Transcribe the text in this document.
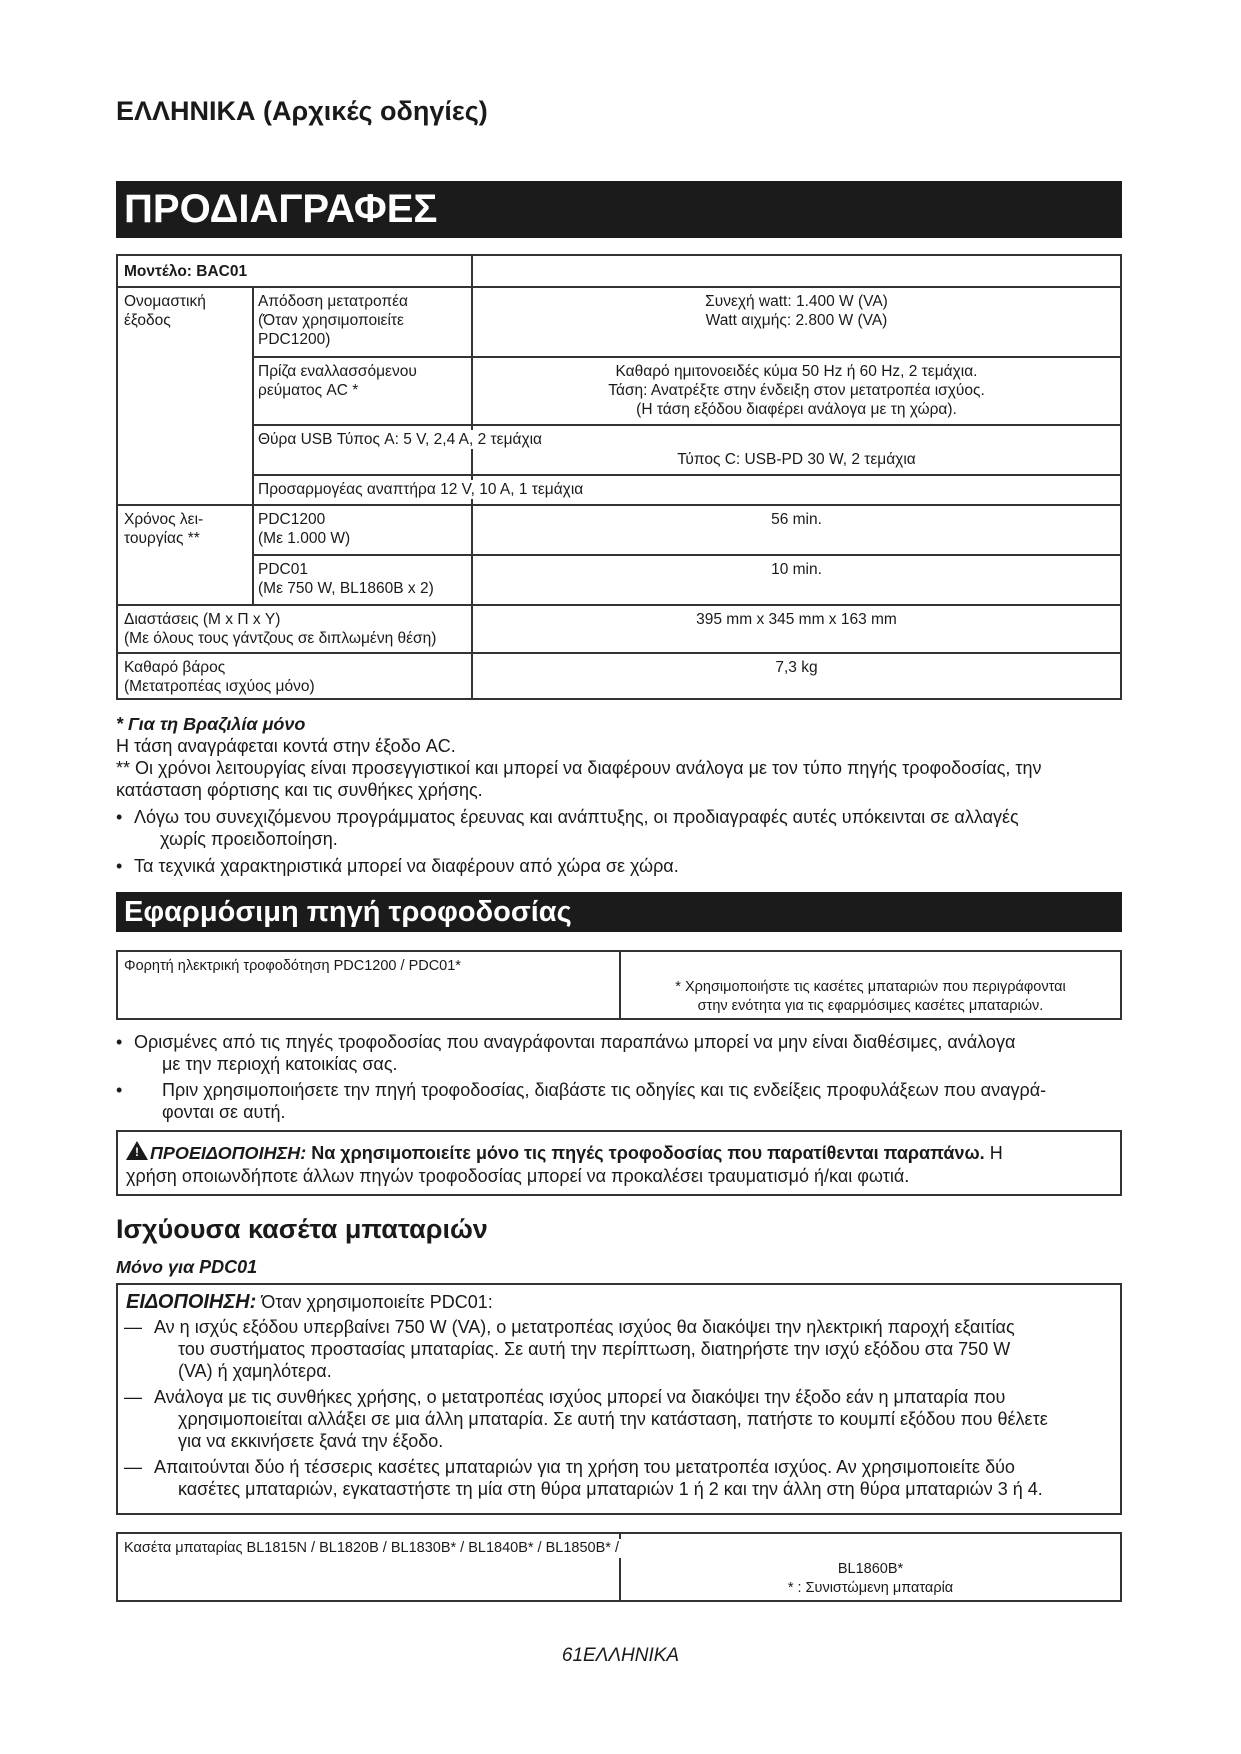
ΕΛΛΗΝΙΚΑ (Αρχικές οδηγίες)
ΠΡΟΔΙΑΓΡΑΦΕΣ
Μοντέλο: BAC01
Ονομαστική
έξοδος
Απόδοση μετατροπέα
(Όταν χρησιμοποιείτε
PDC1200)
Συνεχή watt: 1.400 W (VA)
Watt αιχμής: 2.800 W (VA)
Πρίζα εναλλασσόμενου
ρεύματος AC *
Καθαρό ημιτονοειδές κύμα 50 Hz ή 60 Hz, 2 τεμάχια.
Τάση: Ανατρέξτε στην ένδειξη στον μετατροπέα ισχύος.
(Η τάση εξόδου διαφέρει ανάλογα με τη χώρα).
Θύρα USB Τύπος A: 5 V, 2,4 A, 2 τεμάχια
Τύπος C: USB-PD 30 W, 2 τεμάχια
Προσαρμογέας αναπτήρα 12 V, 10 A, 1 τεμάχια
Χρόνος λει-
τουργίας **
PDC1200
(Με 1.000 W)
56 min.
PDC01
(Με 750 W, BL1860B x 2)
10 min.
Διαστάσεις (Μ x Π x Υ)
(Με όλους τους γάντζους σε διπλωμένη θέση)
395 mm x 345 mm x 163 mm
Καθαρό βάρος
(Μετατροπέας ισχύος μόνο)
7,3 kg
* Για τη Βραζιλία μόνο
Η τάση αναγράφεται κοντά στην έξοδο AC.
** Οι χρόνοι λειτουργίας είναι προσεγγιστικοί και μπορεί να διαφέρουν ανάλογα με τον τύπο πηγής τροφοδοσίας, την
κατάσταση φόρτισης και τις συνθήκες χρήσης.
• Λόγω του συνεχιζόμενου προγράμματος έρευνας και ανάπτυξης, οι προδιαγραφές αυτές υπόκεινται σε αλλαγές
χωρίς προειδοποίηση.
• Τα τεχνικά χαρακτηριστικά μπορεί να διαφέρουν από χώρα σε χώρα.
Εφαρμόσιμη πηγή τροφοδοσίας
Φορητή ηλεκτρική τροφοδότηση PDC1200 / PDC01*
* Χρησιμοποιήστε τις κασέτες μπαταριών που περιγράφονται
στην ενότητα για τις εφαρμόσιμες κασέτες μπαταριών.
• Ορισμένες από τις πηγές τροφοδοσίας που αναγράφονται παραπάνω μπορεί να μην είναι διαθέσιμες, ανάλογα
με την περιοχή κατοικίας σας.
• Πριν χρησιμοποιήσετε την πηγή τροφοδοσίας, διαβάστε τις οδηγίες και τις ενδείξεις προφυλάξεων που αναγρά-
φονται σε αυτή.
! ΠΡΟΕΙΔΟΠΟΙΗΣΗ: Να χρησιμοποιείτε μόνο τις πηγές τροφοδοσίας που παρατίθενται παραπάνω. Η
χρήση οποιωνδήποτε άλλων πηγών τροφοδοσίας μπορεί να προκαλέσει τραυματισμό ή/και φωτιά.
Ισχύουσα κασέτα μπαταριών
Μόνο για PDC01
ΕΙΔΟΠΟΙΗΣΗ: Όταν χρησιμοποιείτε PDC01:
— Αν η ισχύς εξόδου υπερβαίνει 750 W (VA), ο μετατροπέας ισχύος θα διακόψει την ηλεκτρική παροχή εξαιτίας
του συστήματος προστασίας μπαταρίας. Σε αυτή την περίπτωση, διατηρήστε την ισχύ εξόδου στα 750 W
(VA) ή χαμηλότερα.
— Ανάλογα με τις συνθήκες χρήσης, ο μετατροπέας ισχύος μπορεί να διακόψει την έξοδο εάν η μπαταρία που
χρησιμοποιείται αλλάξει σε μια άλλη μπαταρία. Σε αυτή την κατάσταση, πατήστε το κουμπί εξόδου που θέλετε
για να εκκινήσετε ξανά την έξοδο.
— Απαιτούνται δύο ή τέσσερις κασέτες μπαταριών για τη χρήση του μετατροπέα ισχύος. Αν χρησιμοποιείτε δύο
κασέτες μπαταριών, εγκαταστήστε τη μία στη θύρα μπαταριών 1 ή 2 και την άλλη στη θύρα μπαταριών 3 ή 4.
Κασέτα μπαταρίας BL1815N / BL1820B / BL1830B* / BL1840B* / BL1850B* /
BL1860B*
* : Συνιστώμενη μπαταρία
61ΕΛΛΗΝΙΚΑ
